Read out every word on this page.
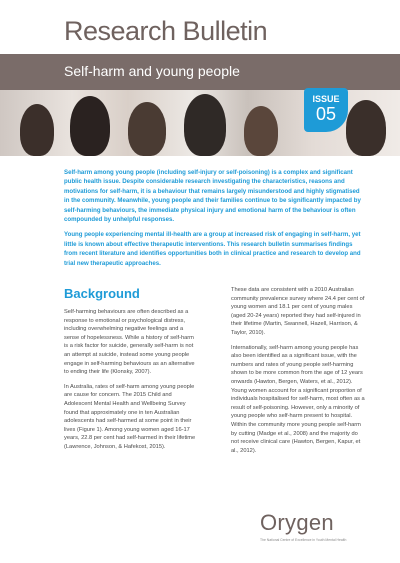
Research Bulletin
Self-harm and young people
ISSUE
05

Self-harm among young people (including self-injury or self-poisoning) is a complex and significant public health issue. Despite considerable research investigating the characteristics, reasons and motivations for self-harm, it is a behaviour that remains largely misunderstood and highly stigmatised in the community. Meanwhile, young people and their families continue to be significantly impacted by self-harming behaviours, the immediate physical injury and emotional harm of the behaviour is often compounded by unhelpful responses.

Young people experiencing mental ill-health are a group at increased risk of engaging in self-harm, yet little is known about effective therapeutic interventions. This research bulletin summarises findings from recent literature and identifies opportunities both in clinical practice and research to develop and trial new therapeutic approaches.

Background

Self-harming behaviours are often described as a response to emotional or psychological distress, including overwhelming negative feelings and a sense of hopelessness. While a history of self-harm is a risk factor for suicide, generally self-harm is not an attempt at suicide, instead some young people engage in self-harming behaviours as an alternative to ending their life (Klonsky, 2007).

In Australia, rates of self-harm among young people are cause for concern. The 2015 Child and Adolescent Mental Health and Wellbeing Survey found that approximately one in ten Australian adolescents had self-harmed at some point in their lives (Figure 1). Among young women aged 16-17 years, 22.8 per cent had self-harmed in their lifetime (Lawrence, Johnson, & Hafekost, 2015).

These data are consistent with a 2010 Australian community prevalence survey where 24.4 per cent of young women and 18.1 per cent of young males (aged 20-24 years) reported they had self-injured in their lifetime (Martin, Swannell, Hazell, Harrison, & Taylor, 2010).

Internationally, self-harm among young people has also been identified as a significant issue, with the numbers and rates of young people self-harming shown to be more common from the age of 12 years onwards (Hawton, Bergen, Waters, et al., 2012). Young women account for a significant proportion of individuals hospitalised for self-harm, most often as a result of self-poisoning. However, only a minority of young people who self-harm present to hospital. Within the community more young people self-harm by cutting (Madge et al., 2008) and the majority do not receive clinical care (Hawton, Bergen, Kapur, et al., 2012).

Orygen
The National Centre of Excellence in Youth Mental Health
